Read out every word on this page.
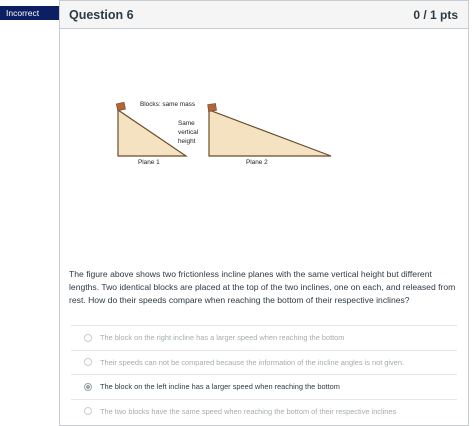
Incorrect	Question 6	0 / 1 pts
Blocks: same mass
Same
vertical
height
Plane 1	Plane 2
The figure above shows two frictionless incline planes with the same vertical height but different lengths. Two identical blocks are placed at the top of the two inclines, one on each, and released from rest. How do their speeds compare when reaching the bottom of their respective inclines?
The block on the right incline has a larger speed when reaching the bottom
Their speeds can not be compared because the information of the incline angles is not given.
The block on the left incline has a larger speed when reaching the bottom
The two blocks have the same speed when reaching the bottom of their respective inclines
